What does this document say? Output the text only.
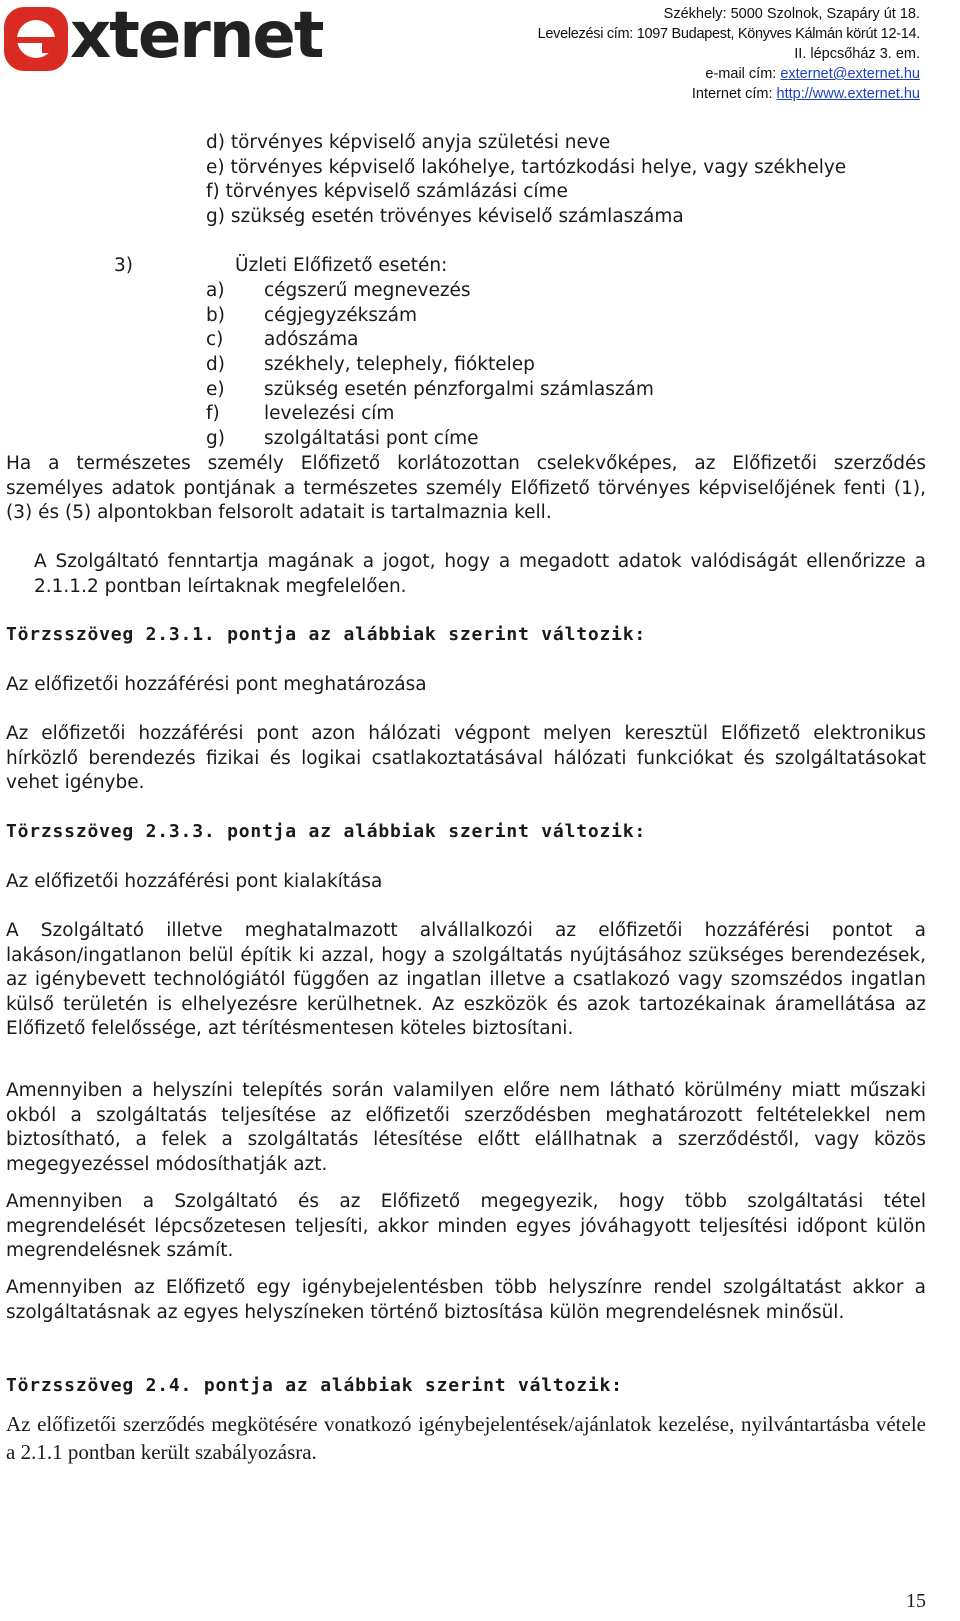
xternet	Székhely: 5000 Szolnok, Szapáry út 18.
Levelezési cím: 1097 Budapest, Könyves Kálmán körút 12-14.
II. lépcsőház 3. em.
e-mail cím: externet@externet.hu
Internet cím: http://www.externet.hu
d) törvényes képviselő anyja születési neve
e) törvényes képviselő lakóhelye, tartózkodási helye, vagy székhelye
f) törvényes képviselő számlázási címe
g) szükség esetén trövényes kéviselő számlaszáma
3)	Üzleti Előfizető esetén:
a) cégszerű megnevezés
b) cégjegyzékszám
c) adószáma
d) székhely, telephely, fióktelep
e) szükség esetén pénzforgalmi számlaszám
f) levelezési cím
g) szolgáltatási pont címe
Ha a természetes személy Előfizető korlátozottan cselekvőképes, az Előfizetői szerződés személyes adatok pontjának a természetes személy Előfizető törvényes képviselőjének fenti (1), (3) és (5) alpontokban felsorolt adatait is tartalmaznia kell.
A Szolgáltató fenntartja magának a jogot, hogy a megadott adatok valódiságát ellenőrizze a 2.1.1.2 pontban leírtaknak megfelelően.
Törzsszöveg 2.3.1. pontja az alábbiak szerint változik:
Az előfizetői hozzáférési pont meghatározása
Az előfizetői hozzáférési pont azon hálózati végpont melyen keresztül Előfizető elektronikus hírközlő berendezés fizikai és logikai csatlakoztatásával hálózati funkciókat és szolgáltatásokat vehet igénybe.
Törzsszöveg 2.3.3. pontja az alábbiak szerint változik:
Az előfizetői hozzáférési pont kialakítása
A Szolgáltató illetve meghatalmazott alvállalkozói az előfizetői hozzáférési pontot a lakáson/ingatlanon belül építik ki azzal, hogy a szolgáltatás nyújtásához szükséges berendezések, az igénybevett technológiától függően az ingatlan illetve a csatlakozó vagy szomszédos ingatlan külső területén is elhelyezésre kerülhetnek. Az eszközök és azok tartozékainak áramellátása az Előfizető felelőssége, azt térítésmentesen köteles biztosítani.
Amennyiben a helyszíni telepítés során valamilyen előre nem látható körülmény miatt műszaki okból a szolgáltatás teljesítése az előfizetői szerződésben meghatározott feltételekkel nem biztosítható, a felek a szolgáltatás létesítése előtt elállhatnak a szerződéstől, vagy közös megegyezéssel módosíthatják azt.
Amennyiben a Szolgáltató és az Előfizető megegyezik, hogy több szolgáltatási tétel megrendelését lépcsőzetesen teljesíti, akkor minden egyes jóváhagyott teljesítési időpont külön megrendelésnek számít.
Amennyiben az Előfizető egy igénybejelentésben több helyszínre rendel szolgáltatást akkor a szolgáltatásnak az egyes helyszíneken történő biztosítása külön megrendelésnek minősül.
Törzsszöveg 2.4. pontja az alábbiak szerint változik:
Az előfizetői szerződés megkötésére vonatkozó igénybejelentések/ajánlatok kezelése, nyilvántartásba vétele a 2.1.1 pontban került szabályozásra.
15
